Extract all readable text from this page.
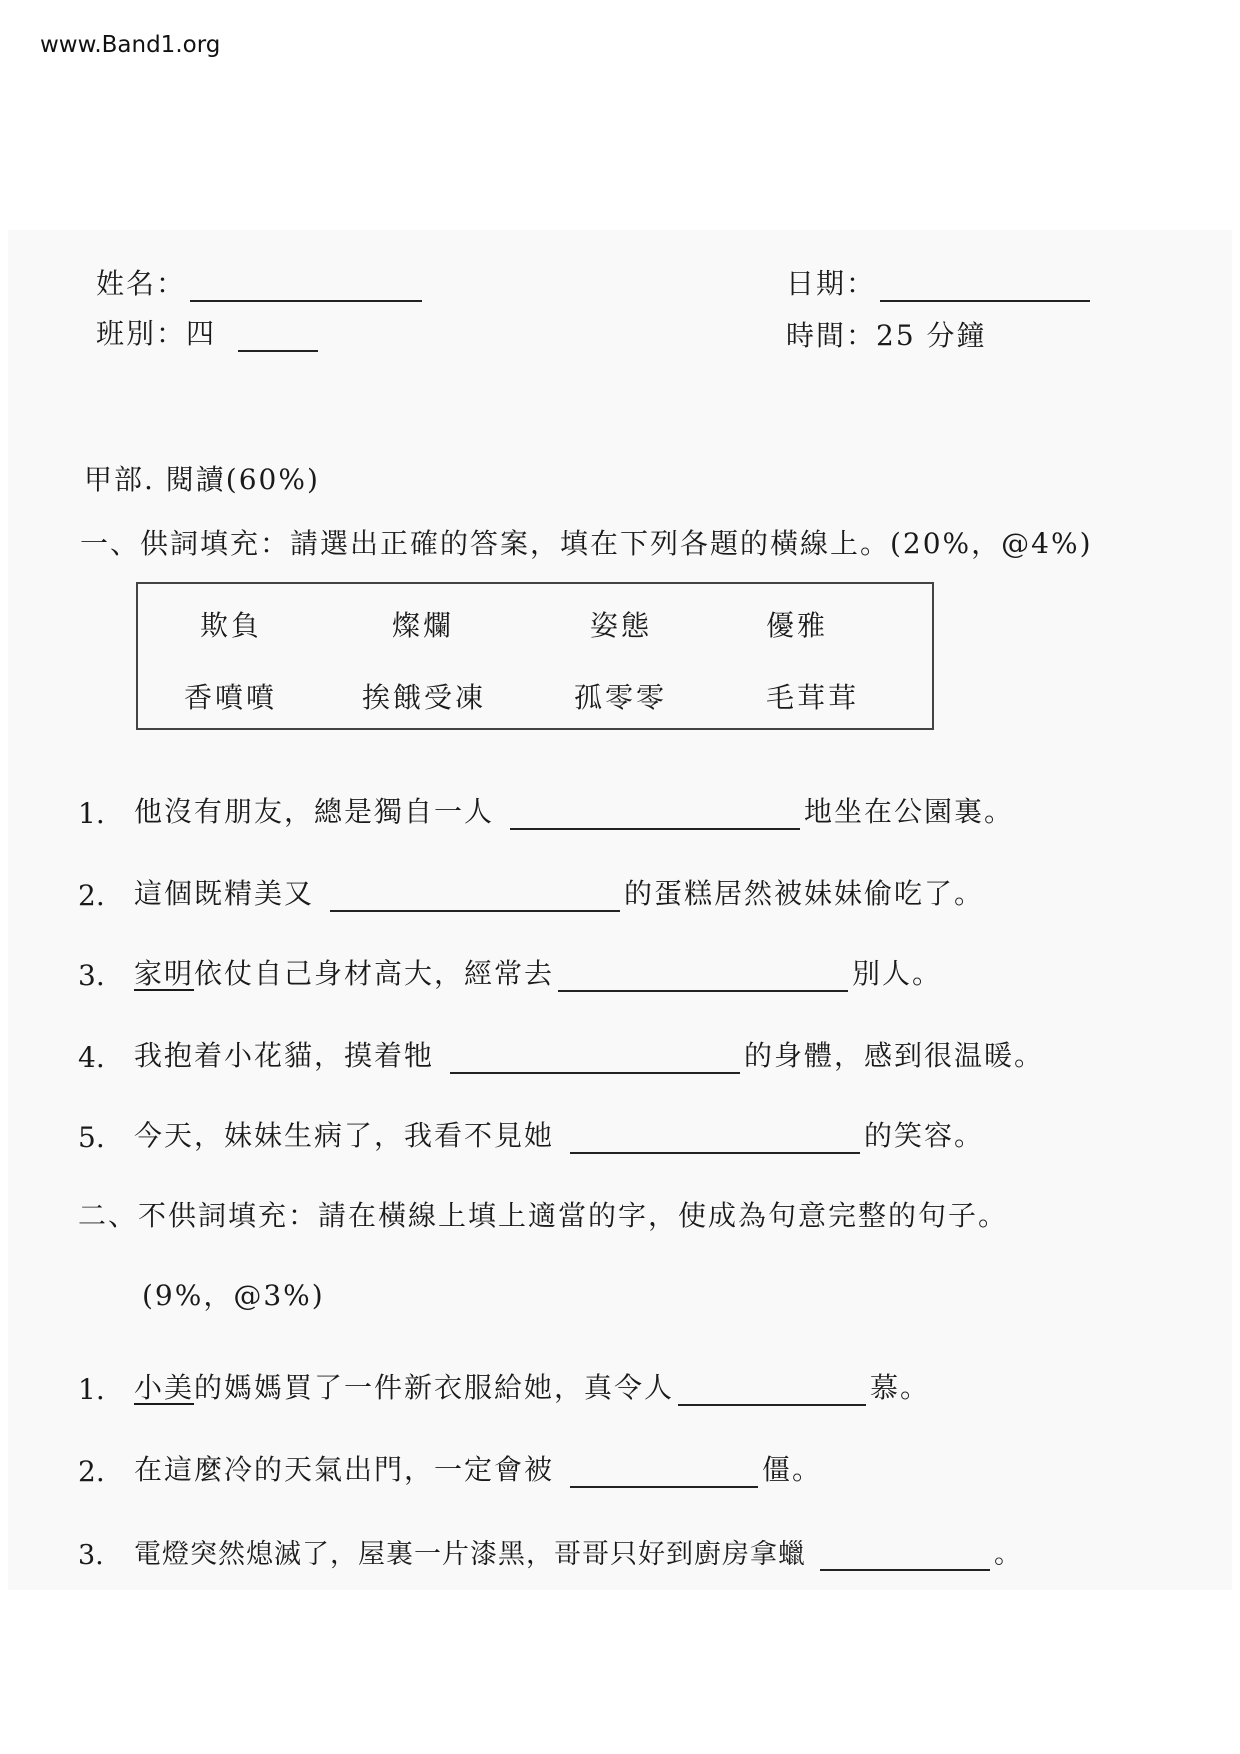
www.Band1.org
姓名：	日期：
班別：四	時間：25 分鐘
甲部. 閱讀(60%)
一、供詞填充：請選出正確的答案，填在下列各題的橫線上。(20%，@4%)
欺負	燦爛	姿態	優雅
香噴噴	挨餓受凍	孤零零	毛茸茸
1.	他沒有朋友，總是獨自一人	地坐在公園裏。
2.	這個既精美又	的蛋糕居然被妹妹偷吃了。
3.	家明 依仗自己身材高大，經常去	別人。
4.	我抱着小花貓，摸着牠	的身體，感到很温暖。
5.	今天，妹妹生病了，我看不見她	的笑容。
二、不供詞填充：請在橫線上填上適當的字，使成為句意完整的句子。
(9%，@3%)
1.	小美 的媽媽買了一件新衣服給她，真令人	慕。
2.	在這麼冷的天氣出門，一定會被	僵。
3.	電燈突然熄滅了，屋裏一片漆黑，哥哥只好到廚房拿蠟	。
